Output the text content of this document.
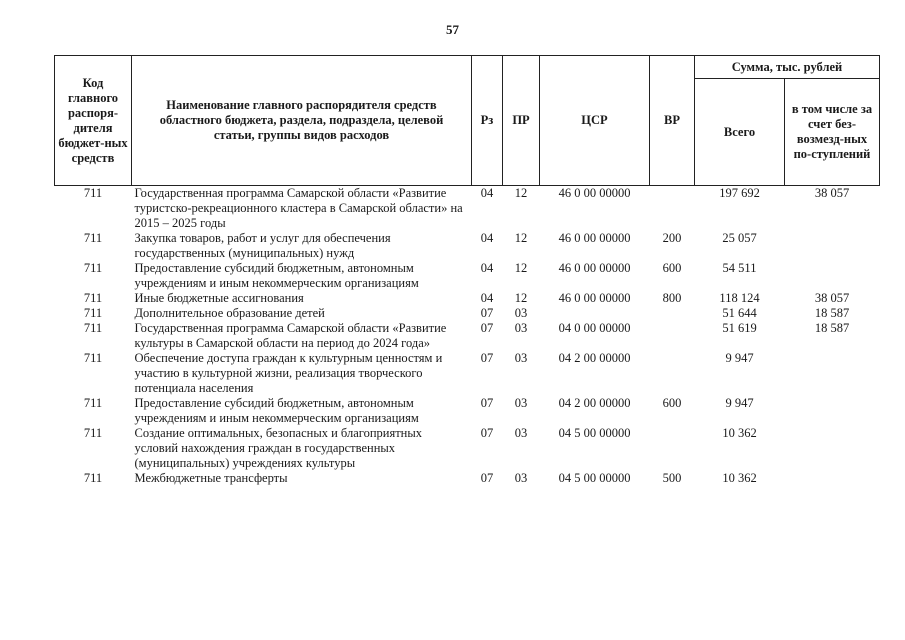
57
Код главного распоря-дителя бюджет-ных средств	Наименование главного распорядителя средств областного бюджета, раздела, подраздела, целевой статьи, группы видов расходов	Рз	ПР	ЦСР	ВР	Сумма, тыс. рублей	
						Всего	в том числе за счет без-возмезд-ных по-ступлений
711	Государственная программа Самарской области «Развитие туристско-рекреационного кластера в Самарской области» на 2015 – 2025 годы	04	12	46 0 00 00000		197 692	38 057
711	Закупка товаров, работ и услуг для обеспечения государственных (муниципальных) нужд	04	12	46 0 00 00000	200	25 057	
711	Предоставление субсидий бюджетным, автономным учреждениям и иным некоммерческим организациям	04	12	46 0 00 00000	600	54 511	
711	Иные бюджетные ассигнования	04	12	46 0 00 00000	800	118 124	38 057
711	Дополнительное образование детей	07	03			51 644	18 587
711	Государственная программа Самарской области «Развитие культуры в Самарской области на период до 2024 года»	07	03	04 0 00 00000		51 619	18 587
711	Обеспечение доступа граждан к культурным ценностям и участию в культурной жизни, реализация творческого потенциала населения	07	03	04 2 00 00000		9 947	
711	Предоставление субсидий бюджетным, автономным учреждениям и иным некоммерческим организациям	07	03	04 2 00 00000	600	9 947	
711	Создание оптимальных, безопасных и благоприятных условий нахождения граждан в государственных (муниципальных) учреждениях культуры	07	03	04 5 00 00000		10 362	
711	Межбюджетные трансферты	07	03	04 5 00 00000	500	10 362	
